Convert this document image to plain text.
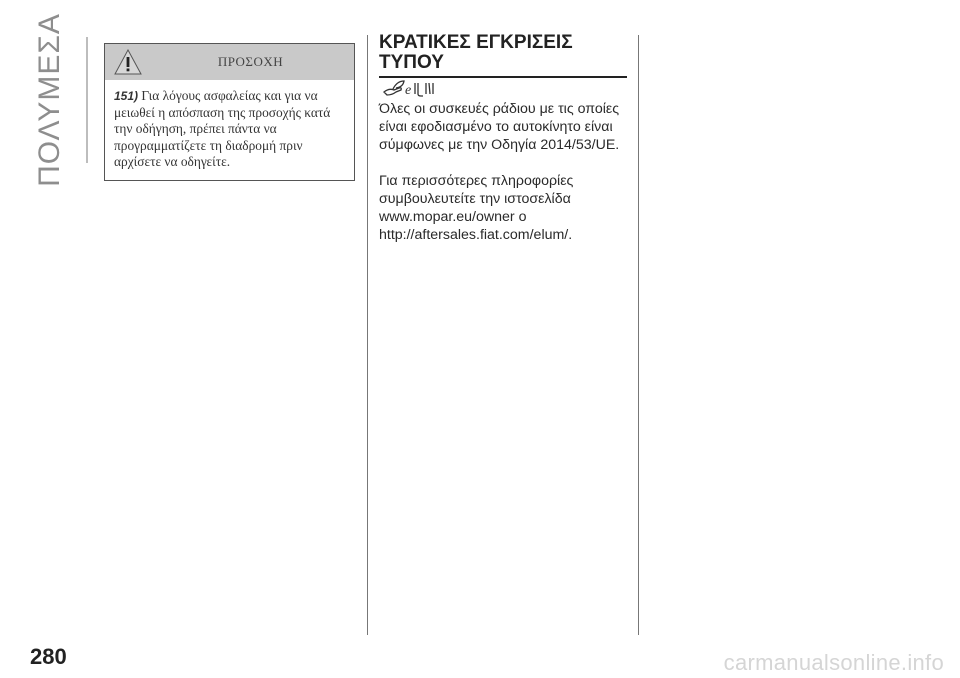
ΠΟΛΥΜΕΣΑ	ΠΡΟΣΟΧΗ
151) Για λόγους ασφαλείας και για να μειωθεί η απόσπαση της προσοχής κατά την οδήγηση, πρέπει πάντα να προγραμματίζετε τη διαδρομή πριν αρχίσετε να οδηγείτε.
ΚΡΑΤΙΚΕΣ ΕΓΚΡΙΣΕΙΣ
ΤΥΠΟΥ
e
Όλες οι συσκευές ράδιου με τις οποίες είναι εφοδιασμένο το αυτοκίνητο είναι σύμφωνες με την Οδηγία 2014/53/UE.
Για περισσότερες πληροφορίες συμβουλευτείτε την ιστοσελίδα www.mopar.eu/owner ο http://aftersales.fiat.com/elum/.
280	carmanualsonline.info
